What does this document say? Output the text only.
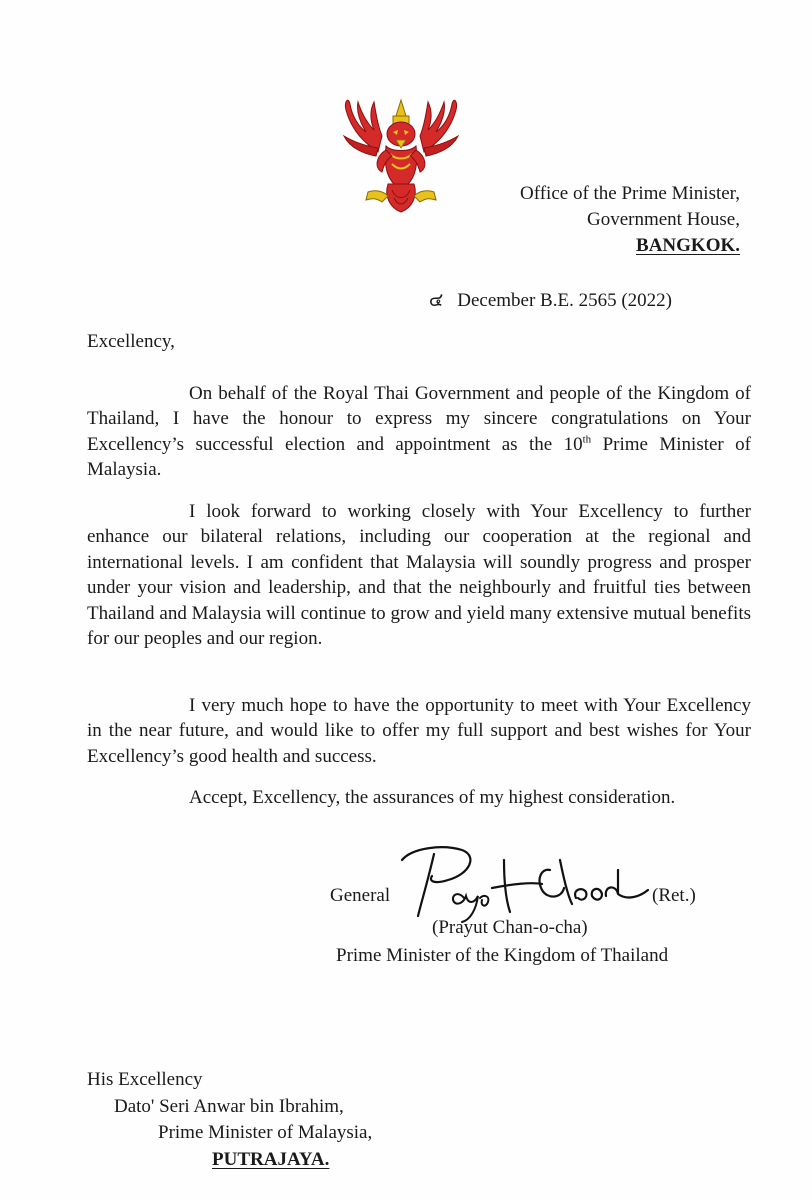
Office of the Prime Minister,
Government House,
BANGKOK.
๔ December B.E. 2565 (2022)
Excellency,

On behalf of the Royal Thai Government and people of the Kingdom of Thailand, I have the honour to express my sincere congratulations on Your Excellency’s successful election and appointment as the 10th Prime Minister of Malaysia.

I look forward to working closely with Your Excellency to further enhance our bilateral relations, including our cooperation at the regional and international levels. I am confident that Malaysia will soundly progress and prosper under your vision and leadership, and that the neighbourly and fruitful ties between Thailand and Malaysia will continue to grow and yield many extensive mutual benefits for our peoples and our region.

I very much hope to have the opportunity to meet with Your Excellency in the near future, and would like to offer my full support and best wishes for Your Excellency’s good health and success.

Accept, Excellency, the assurances of my highest consideration.
General	(Ret.)
(Prayut Chan-o-cha)
Prime Minister of the Kingdom of Thailand
His Excellency
Dato' Seri Anwar bin Ibrahim,
Prime Minister of Malaysia,
PUTRAJAYA.
